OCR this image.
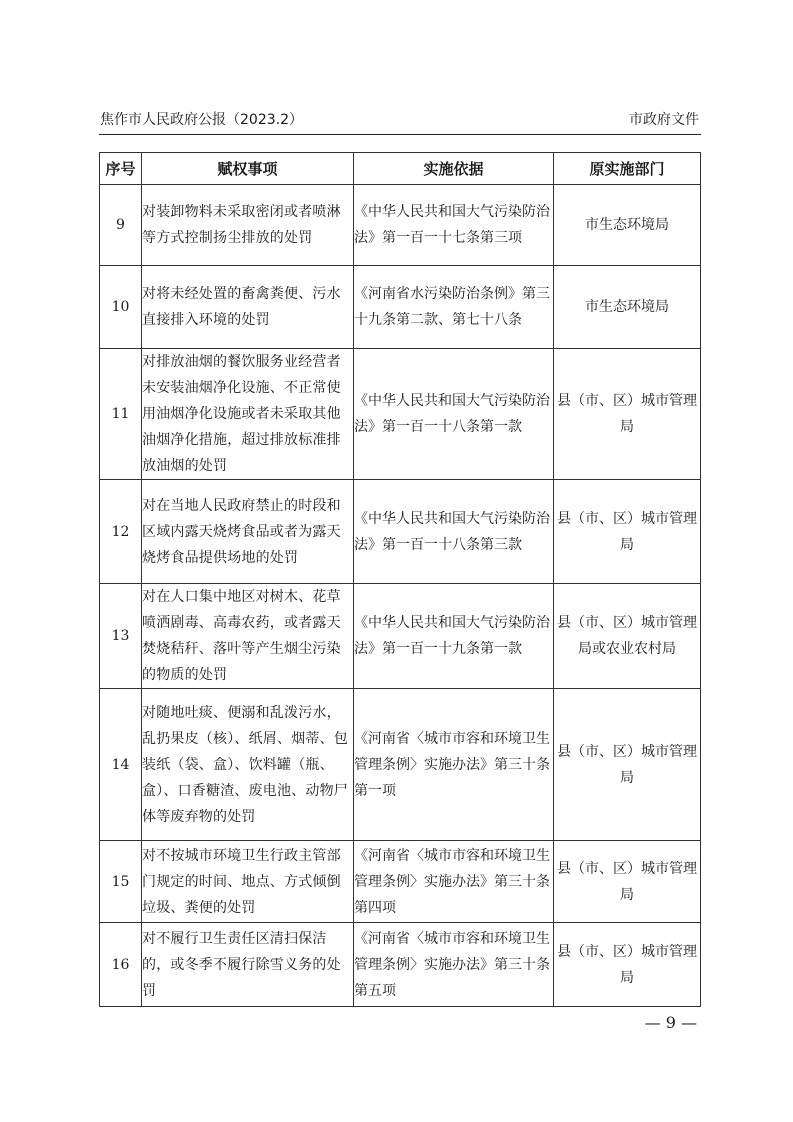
焦作市人民政府公报（2023.2）	市政府文件
序号	赋权事项	实施依据	原实施部门
9	对装卸物料未采取密闭或者喷淋等方式控制扬尘排放的处罚	《中华人民共和国大气污染防治法》第一百一十七条第三项	市生态环境局
10	对将未经处置的畜禽粪便、污水直接排入环境的处罚	《河南省水污染防治条例》第三十九条第二款、第七十八条	市生态环境局
11	对排放油烟的餐饮服务业经营者未安装油烟净化设施、不正常使用油烟净化设施或者未采取其他油烟净化措施，超过排放标准排放油烟的处罚	《中华人民共和国大气污染防治法》第一百一十八条第一款	县（市、区）城市管理局
12	对在当地人民政府禁止的时段和区域内露天烧烤食品或者为露天烧烤食品提供场地的处罚	《中华人民共和国大气污染防治法》第一百一十八条第三款	县（市、区）城市管理局
13	对在人口集中地区对树木、花草喷洒剧毒、高毒农药，或者露天焚烧秸秆、落叶等产生烟尘污染的物质的处罚	《中华人民共和国大气污染防治法》第一百一十九条第一款	县（市、区）城市管理局或农业农村局
14	对随地吐痰、便溺和乱泼污水，乱扔果皮（核）、纸屑、烟蒂、包装纸（袋、盒）、饮料罐（瓶、盒）、口香糖渣、废电池、动物尸体等废弃物的处罚	《河南省〈城市市容和环境卫生管理条例〉实施办法》第三十条第一项	县（市、区）城市管理局
15	对不按城市环境卫生行政主管部门规定的时间、地点、方式倾倒垃圾、粪便的处罚	《河南省〈城市市容和环境卫生管理条例〉实施办法》第三十条第四项	县（市、区）城市管理局
16	对不履行卫生责任区清扫保洁的，或冬季不履行除雪义务的处罚	《河南省〈城市市容和环境卫生管理条例〉实施办法》第三十条第五项	县（市、区）城市管理局
— 9 —
